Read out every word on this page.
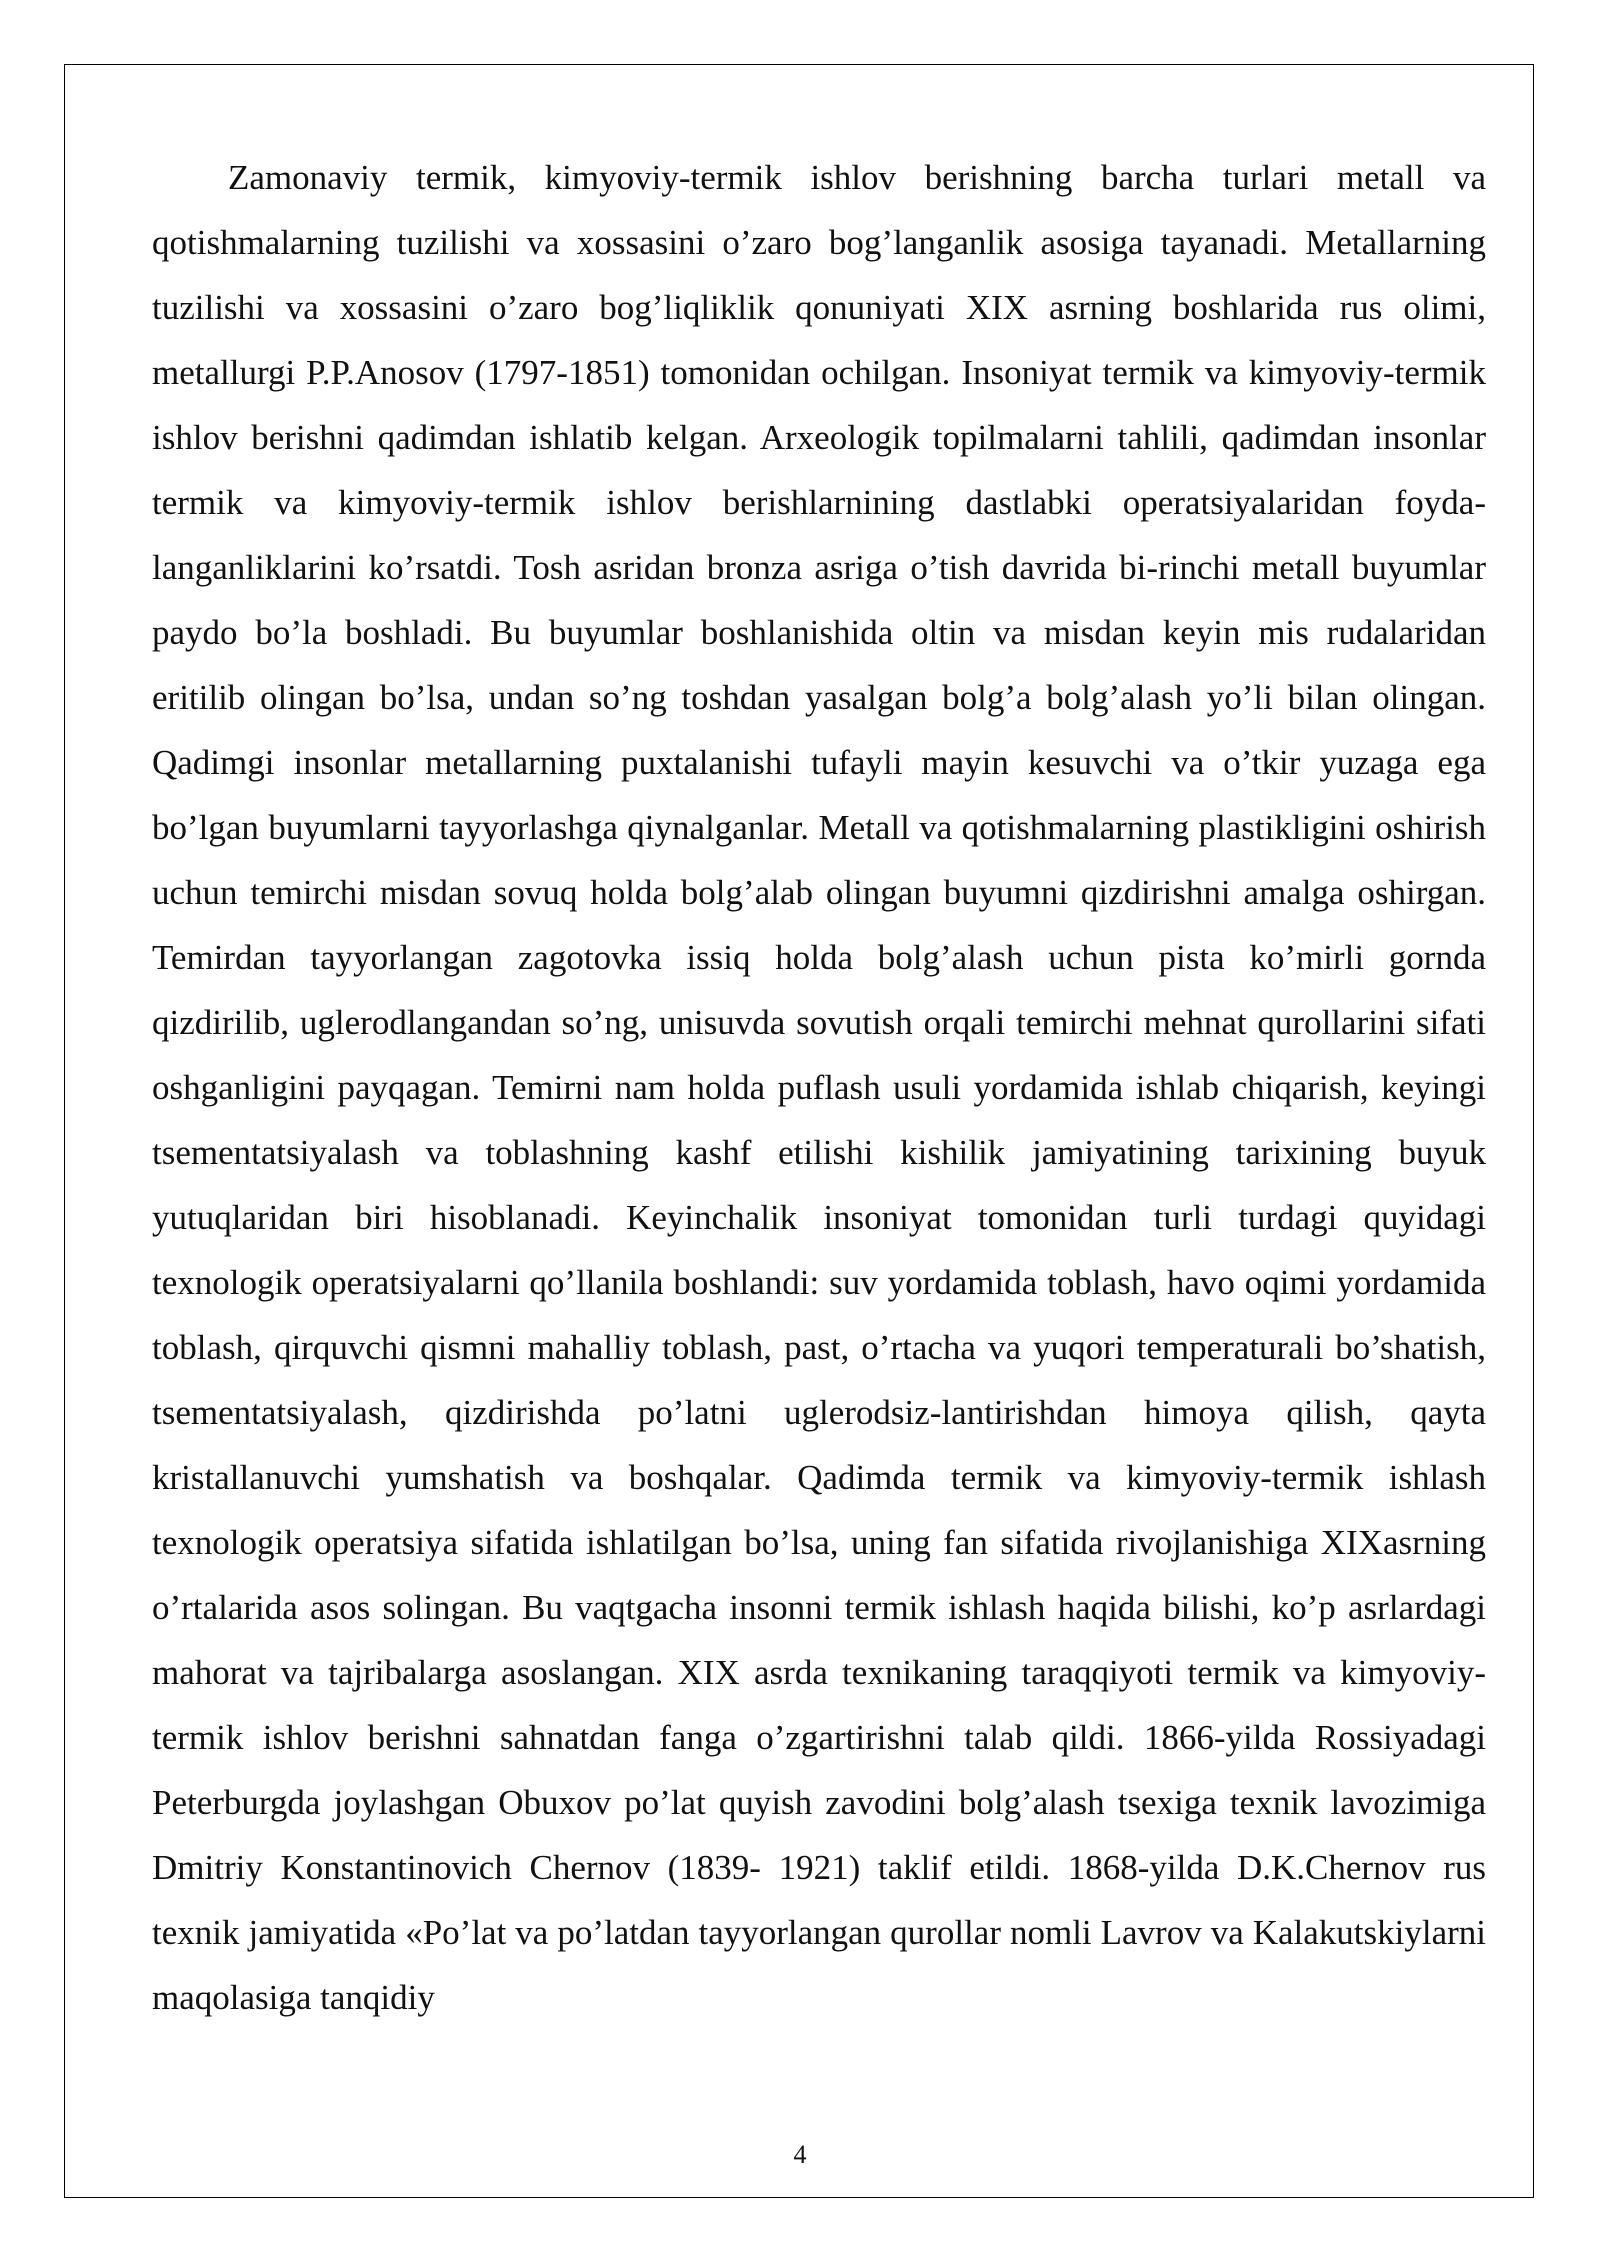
Zamonaviy termik, kimyoviy-termik ishlov berishning barcha turlari metall va qotishmalarning tuzilishi va xossasini o’zaro bog’langanlik asosiga tayanadi. Metallarning tuzilishi va xossasini o’zaro bog’liqliklik qonuniyati XIX asrning boshlarida rus olimi, metallurgi P.P.Anosov (1797-1851) tomonidan ochilgan. Insoniyat termik va kimyoviy-termik ishlov berishni qadimdan ishlatib kelgan. Arxeologik topilmalarni tahlili, qadimdan insonlar termik va kimyoviy-termik ishlov berishlarnining dastlabki operatsiyalaridan foyda-langanliklarini ko’rsatdi. Tosh asridan bronza asriga o’tish davrida bi-rinchi metall buyumlar paydo bo’la boshladi. Bu buyumlar boshlanishida oltin va misdan keyin mis rudalaridan eritilib olingan bo’lsa, undan so’ng toshdan yasalgan bolg’a bolg’alash yo’li bilan olingan. Qadimgi insonlar metallarning puxtalanishi tufayli mayin kesuvchi va o’tkir yuzaga ega bo’lgan buyumlarni tayyorlashga qiynalganlar. Metall va qotishmalarning plastikligini oshirish uchun temirchi misdan sovuq holda bolg’alab olingan buyumni qizdirishni amalga oshirgan. Temirdan tayyorlangan zagotovka issiq holda bolg’alash uchun pista ko’mirli gornda qizdirilib, uglerodlangandan so’ng, unisuvda sovutish orqali temirchi mehnat qurollarini sifati oshganligini payqagan. Temirni nam holda puflash usuli yordamida ishlab chiqarish, keyingi tsementatsiyalash va toblashning kashf etilishi kishilik jamiyatining tarixining buyuk yutuqlaridan biri hisoblanadi. Keyinchalik insoniyat tomonidan turli turdagi quyidagi texnologik operatsiyalarni qo’llanila boshlandi: suv yordamida toblash, havo oqimi yordamida toblash, qirquvchi qismni mahalliy toblash, past, o’rtacha va yuqori temperaturali bo’shatish, tsementatsiyalash, qizdirishda po’latni uglerodsiz-lantirishdan himoya qilish, qayta kristallanuvchi yumshatish va boshqalar. Qadimda termik va kimyoviy-termik ishlash texnologik operatsiya sifatida ishlatilgan bo’lsa, uning fan sifatida rivojlanishiga XIXasrning o’rtalarida asos solingan. Bu vaqtgacha insonni termik ishlash haqida bilishi, ko’p asrlardagi mahorat va tajribalarga asoslangan. XIX asrda texnikaning taraqqiyoti termik va kimyoviy-termik ishlov berishni sahnatdan fanga o’zgartirishni talab qildi. 1866-yilda Rossiyadagi Peterburgda joylashgan Obuxov po’lat quyish zavodini bolg’alash tsexiga texnik lavozimiga Dmitriy Konstantinovich Chernov (1839- 1921) taklif etildi. 1868-yilda D.K.Chernov rus texnik jamiyatida «Po’lat va po’latdan tayyorlangan qurollar nomli Lavrov va Kalakutskiylarni maqolasiga tanqidiy

4
